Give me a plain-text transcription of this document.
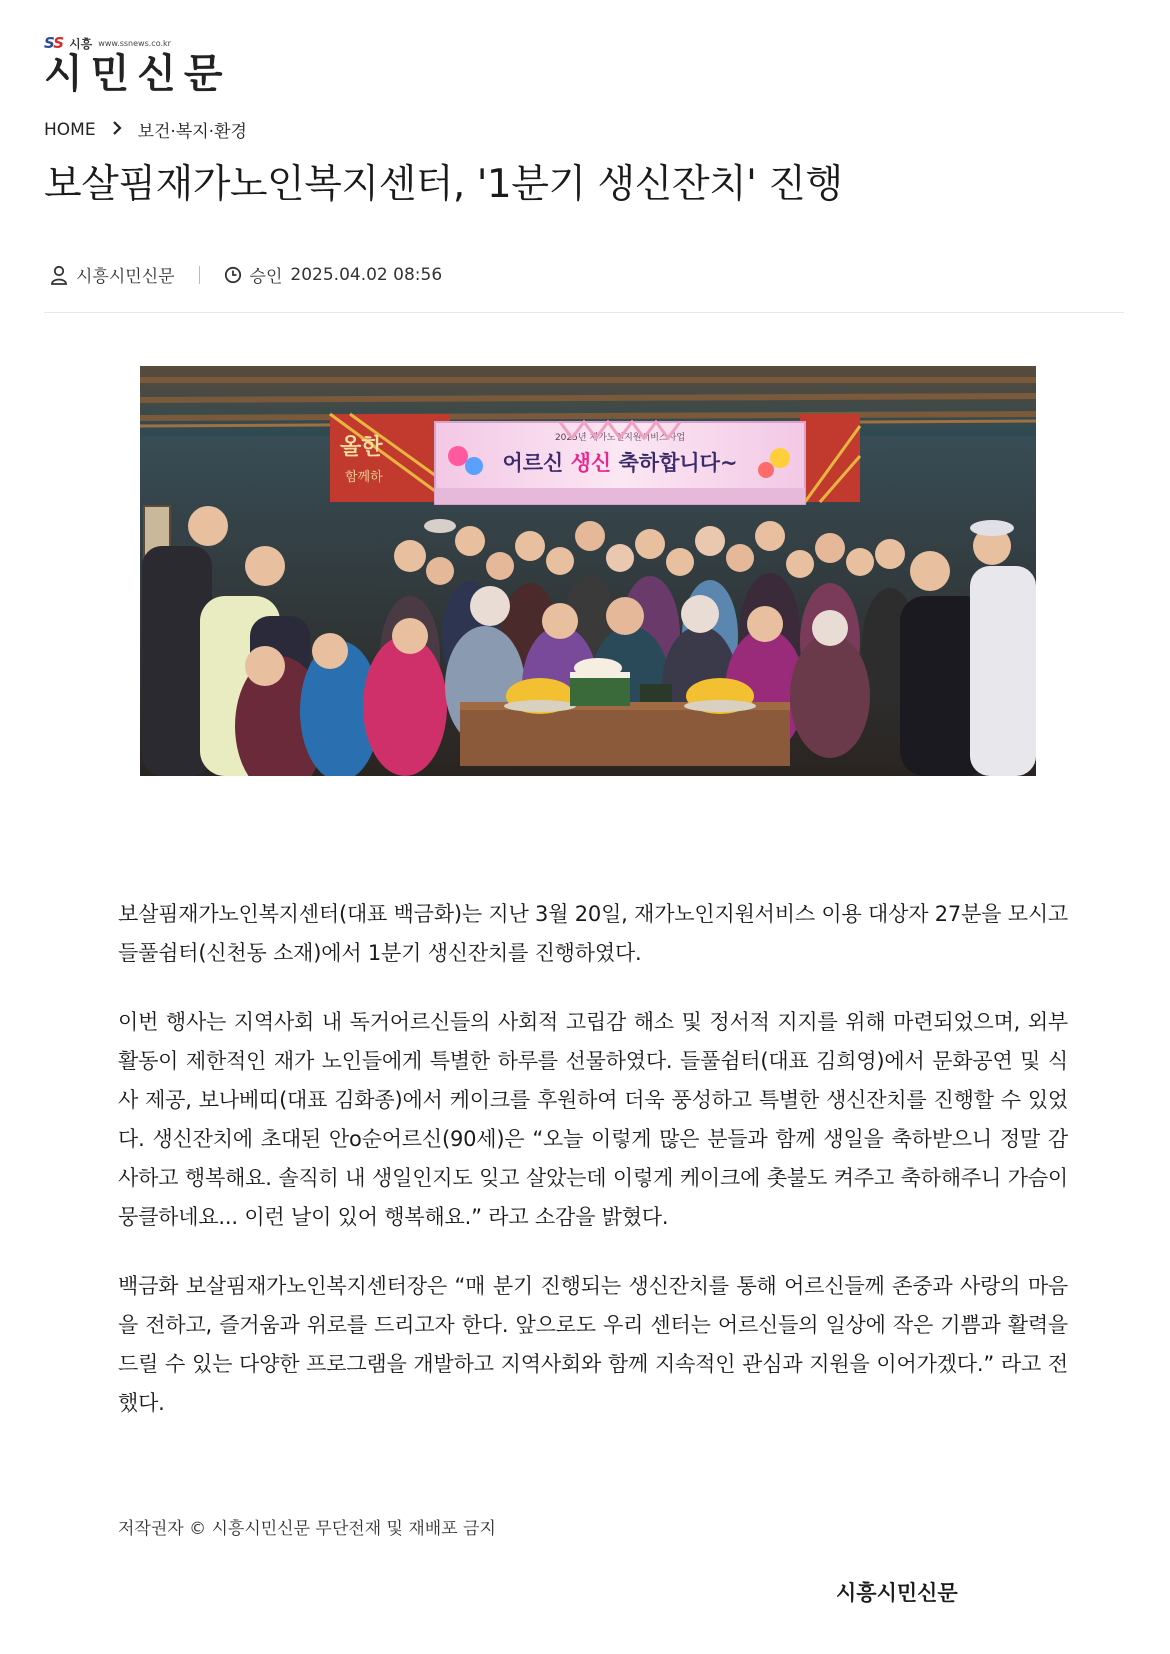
SS 시흥 www.ssnews.co.kr
시민신문
HOME 보건·복지·환경
보살핌재가노인복지센터, '1분기 생신잔치' 진행
시흥시민신문	승인 2025.04.02 08:56
올한
함께하
2025년 재가노인지원서비스사업
어르신 생신 축하합니다~

보살핌재가노인복지센터(대표 백금화)는 지난 3월 20일, 재가노인지원서비스 이용 대상자 27분을 모시고 들풀쉼터(신천동 소재)에서 1분기 생신잔치를 진행하였다.

이번 행사는 지역사회 내 독거어르신들의 사회적 고립감 해소 및 정서적 지지를 위해 마련되었으며, 외부 활동이 제한적인 재가 노인들에게 특별한 하루를 선물하였다. 들풀쉼터(대표 김희영)에서 문화공연 및 식사 제공, 보나베띠(대표 김화종)에서 케이크를 후원하여 더욱 풍성하고 특별한 생신잔치를 진행할 수 있었다. 생신잔치에 초대된 안o순어르신(90세)은 “오늘 이렇게 많은 분들과 함께 생일을 축하받으니 정말 감사하고 행복해요. 솔직히 내 생일인지도 잊고 살았는데 이렇게 케이크에 촛불도 켜주고 축하해주니 가슴이 뭉클하네요... 이런 날이 있어 행복해요.” 라고 소감을 밝혔다.

백금화 보살핌재가노인복지센터장은 “매 분기 진행되는 생신잔치를 통해 어르신들께 존중과 사랑의 마음을 전하고, 즐거움과 위로를 드리고자 한다. 앞으로도 우리 센터는 어르신들의 일상에 작은 기쁨과 활력을 드릴 수 있는 다양한 프로그램을 개발하고 지역사회와 함께 지속적인 관심과 지원을 이어가겠다.” 라고 전했다.

저작권자 © 시흥시민신문 무단전재 및 재배포 금지
시흥시민신문
